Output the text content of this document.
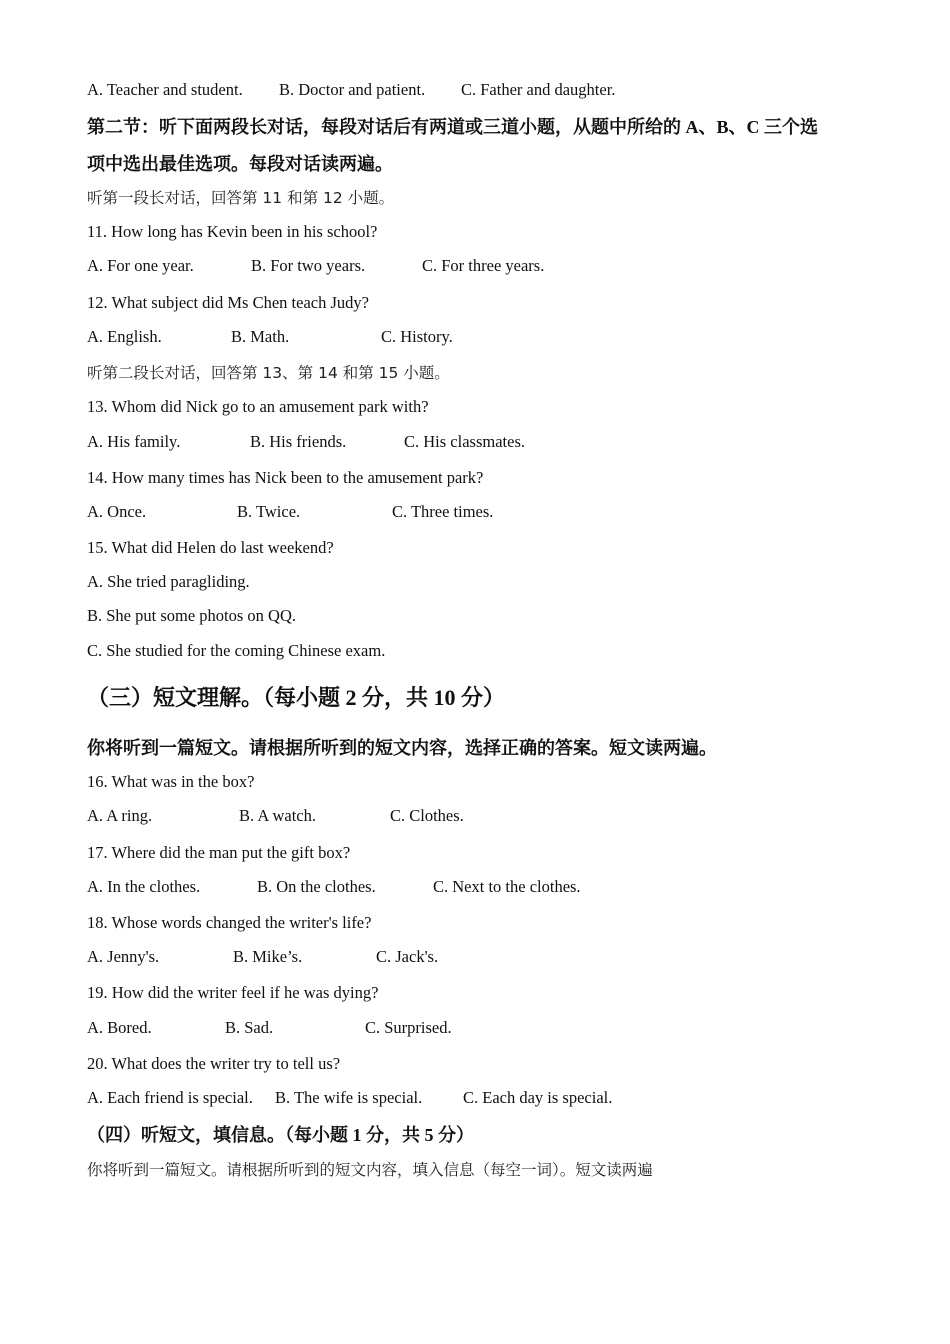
A. Teacher and student. B. Doctor and patient. C. Father and daughter.
第二节：听下面两段长对话，每段对话后有两道或三道小题，从题中所给的 A、B、C 三个选
项中选出最佳选项。每段对话读两遍。
听第一段长对话，回答第 11 和第 12 小题。
11. How long has Kevin been in his school?
A. For one year.	B. For two years.	C. For three years.
12. What subject did Ms Chen teach Judy?
A. English.	B. Math.	C. History.
听第二段长对话，回答第 13、第 14 和第 15 小题。
13. Whom did Nick go to an amusement park with?
A. His family.	B. His friends.	C. His classmates.
14. How many times has Nick been to the amusement park?
A. Once.	B. Twice.	C. Three times.
15. What did Helen do last weekend?
A. She tried paragliding.
B. She put some photos on QQ.
C. She studied for the coming Chinese exam.
（三）短文理解。（每小题 2 分，共 10 分）
你将听到一篇短文。请根据所听到的短文内容，选择正确的答案。短文读两遍。
16. What was in the box?
A. A ring.	B. A watch.	C. Clothes.
17. Where did the man put the gift box?
A. In the clothes.	B. On the clothes.	C. Next to the clothes.
18. Whose words changed the writer's life?
A. Jenny's.	B. Mike’s.	C. Jack's.
19. How did the writer feel if he was dying?
A. Bored.	B. Sad.	C. Surprised.
20. What does the writer try to tell us?
A. Each friend is special. B. The wife is special. C. Each day is special.
（四）听短文，填信息。（每小题 1 分，共 5 分）
你将听到一篇短文。请根据所听到的短文内容，填入信息（每空一词）。短文读两遍
